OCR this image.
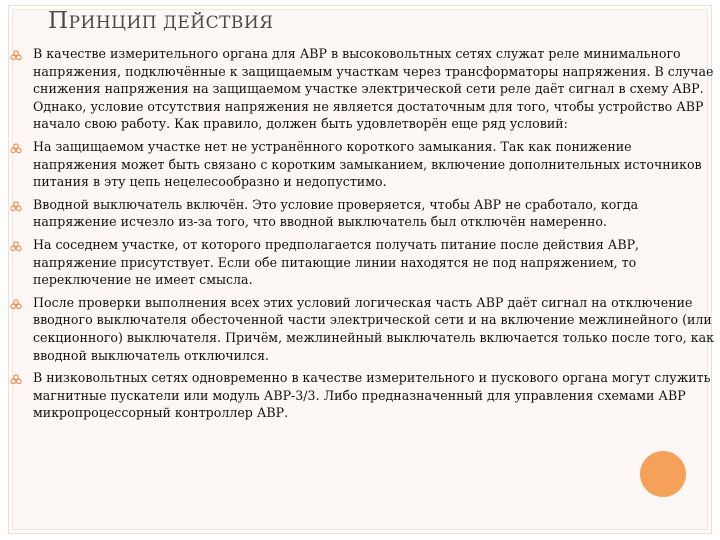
ПРИНЦИП ДЕЙСТВИЯ
В качестве измерительного органа для АВР в высоковольтных сетях служат реле минимального напряжения, подключённые к защищаемым участкам через трансформаторы напряжения. В случае снижения напряжения на защищаемом участке электрической сети реле даёт сигнал в схему АВР. Однако, условие отсутствия напряжения не является достаточным для того, чтобы устройство АВР начало свою работу. Как правило, должен быть удовлетворён еще ряд условий:
На защищаемом участке нет не устранённого короткого замыкания. Так как понижение напряжения может быть связано с коротким замыканием, включение дополнительных источников питания в эту цепь нецелесообразно и недопустимо.
Вводной выключатель включён. Это условие проверяется, чтобы АВР не сработало, когда напряжение исчезло из-за того, что вводной выключатель был отключён намеренно.
На соседнем участке, от которого предполагается получать питание после действия АВР, напряжение присутствует. Если обе питающие линии находятся не под напряжением, то переключение не имеет смысла.
После проверки выполнения всех этих условий логическая часть АВР даёт сигнал на отключение вводного выключателя обесточенной части электрической сети и на включение межлинейного (или секционного) выключателя. Причём, межлинейный выключатель включается только после того, как вводной выключатель отключился.
В низковольтных сетях одновременно в качестве измерительного и пускового органа могут служить магнитные пускатели или модуль АВР-3/3. Либо предназначенный для управления схемами АВР микропроцессорный контроллер АВР.
